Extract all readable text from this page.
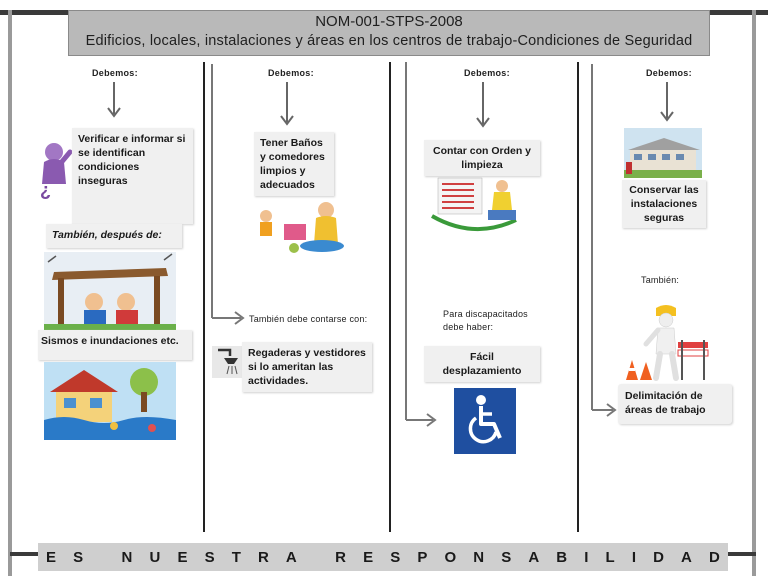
NOM-001-STPS-2008
Edificios, locales, instalaciones y áreas en los centros de trabajo-Condiciones de Seguridad
Debemos:
¿
Verificar e informar si
se identifican
condiciones
inseguras
También, después de:
Sismos e inundaciones etc.
Debemos:
Tener Baños
y comedores
limpios y
adecuados
También debe contarse con:
Regaderas y vestidores
si lo ameritan las
actividades.
Debemos:
Contar con Orden y
limpieza
Para discapacitados
debe haber:
Fácil
desplazamiento
Debemos:
Conservar las
instalaciones
seguras
También:
Delimitación de
áreas de trabajo
E S
	N U E S T R A
	R E S P O N S A B I L I D A D
